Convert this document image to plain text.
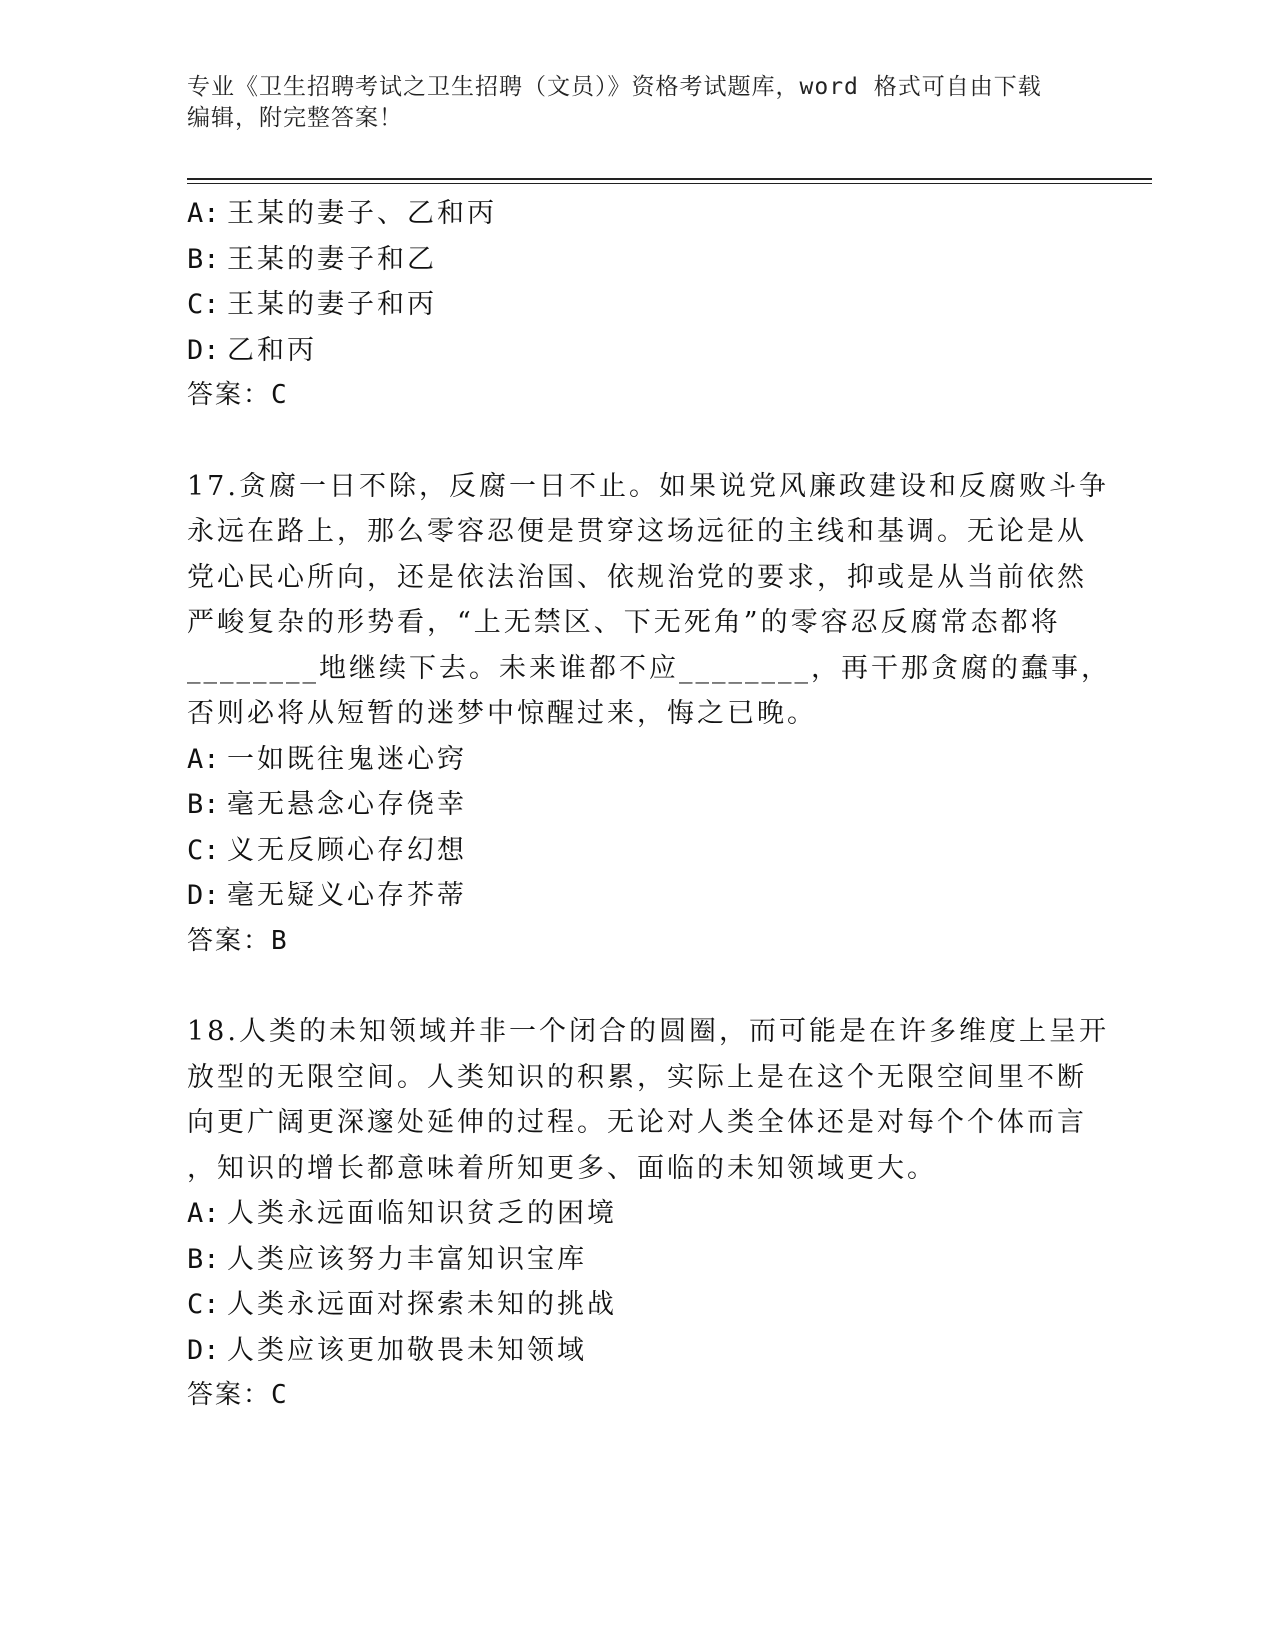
专业《卫生招聘考试之卫生招聘（文员）》资格考试题库，word 格式可自由下载
编辑，附完整答案！
A: 王某的妻子、乙和丙
B: 王某的妻子和乙
C: 王某的妻子和丙
D: 乙和丙
答案：C
17.贪腐一日不除，反腐一日不止。如果说党风廉政建设和反腐败斗争
永远在路上，那么零容忍便是贯穿这场远征的主线和基调。无论是从
党心民心所向，还是依法治国、依规治党的要求，抑或是从当前依然
严峻复杂的形势看，“上无禁区、下无死角”的零容忍反腐常态都将
________地继续下去。未来谁都不应________，再干那贪腐的蠢事，
否则必将从短暂的迷梦中惊醒过来，悔之已晚。
A: 一如既往鬼迷心窍
B: 毫无悬念心存侥幸
C: 义无反顾心存幻想
D: 毫无疑义心存芥蒂
答案：B
18.人类的未知领域并非一个闭合的圆圈，而可能是在许多维度上呈开
放型的无限空间。人类知识的积累，实际上是在这个无限空间里不断
向更广阔更深邃处延伸的过程。无论对人类全体还是对每个个体而言
，知识的增长都意味着所知更多、面临的未知领域更大。
A: 人类永远面临知识贫乏的困境
B: 人类应该努力丰富知识宝库
C: 人类永远面对探索未知的挑战
D: 人类应该更加敬畏未知领域
答案：C
